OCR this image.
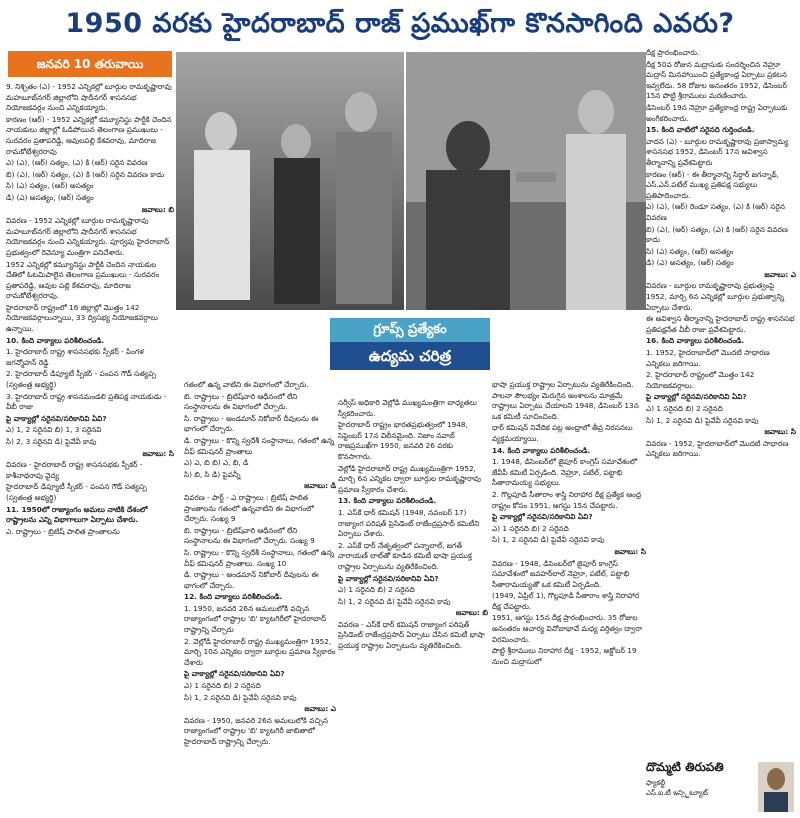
1950 వరకు హైదరాబాద్ రాజ్ ప్రముఖ్‌గా కొనసాగింది ఎవరు?
జనవరి 10 తరువాయి
గ్రూప్స్ ప్రత్యేకం
ఉద్యమ చరిత్ర

9. నిశ్చితం (ఎ) - 1952 ఎన్నికల్లో బూర్గుల రామకృష్ణారావు మహబూబ్‌నగర్ జిల్లాలోని షాదీనగర్ శాసనసభ నియోజకవర్గం నుంచి ఎన్నికయ్యారు.

కారణం (ఆర్) - 1952 ఎన్నికల్లో కమ్యూనిస్టు పార్టీకి చెందిన నాయకులు జిల్లాల్లో ఓడిపోయిన తెలంగాణ ప్రముఖులు - సురవరం ప్రతాపరెడ్డి, ఆవులపల్లి కేశవరావు, మాదిరాజ రామకోటేశ్వరరావు

ఎ) (ఎ), (ఆర్) సత్యం, (ఎ) కి (ఆర్) సరైన వివరణ

బి) (ఎ), (ఆర్) సత్యం, (ఎ) కి (ఆర్) సరైన వివరణ కాదు

సి) (ఎ) సత్యం, (ఆర్) అసత్యం

డి) (ఎ) అసత్యం, (ఆర్) సత్యం

జవాబు: బి

వివరణ - 1952 ఎన్నికల్లో బూర్గుల రామకృష్ణారావు మహబూబ్‌నగర్ జిల్లాలోని షాదీనగర్ శాసనసభ నియోజకవర్గం నుంచి ఎన్నికయ్యారు. పూర్వపు హైదరాబాద్ ప్రభుత్వంలో రెవెన్యూ మంత్రిగా పనిచేశారు.

1952 ఎన్నికల్లో కమ్యూనిస్టు పార్టీకి చెందిన నాయకుల చేతిలో ఓటమిపాలైన తెలంగాణ ప్రముఖులు - సురవరం ప్రతాపరెడ్డి, ఆవుల పల్లి కేశవరావు, మాదిరాజ రామకోటేశ్వరరావు.

హైదరాబాద్ రాష్ట్రంలో 16 జిల్లాల్లో మొత్తం 142 నియోజకవర్గాలున్నాయి, 33 ద్విసభ్య నియోజకవర్గాలు ఉన్నాయి.

10. కింది వాక్యాలు పరిశీలించండి.

1. హైదరాబాద్ రాష్ట్ర శాసనసభకు స్పీకర్ - పింగళ జగన్మోహన్ రెడ్డి

2. హైదరాబాద్ డిప్యూటీ స్పీకర్ - పంపన గౌడ్ సత్యప్ప (స్వతంత్ర అభ్యర్థి)

3. హైదరాబాద్ రాష్ట్ర శాసనమండలి ప్రతిపక్ష నాయకుడు - వీబీ రాజు

పై వాక్యాల్లో సరైనవి/సరికానివి ఏవి?

ఎ) 1, 2 సరైనవి బి) 1, 3 సరైనవి

సి) 2, 3 సరైనవి డి) పైవేవీ కావు

జవాబు: సి

వివరణ - హైదరాబాద్ రాష్ట్ర శాసనసభకు స్పీకర్ - కాశీనాథరావు వైద్య

హైదరాబాద్ డిప్యూటీ స్పీకర్ - పంపన గౌడ్ సత్యప్ప (స్వతంత్ర అభ్యర్థి)

11. 1950లో రాజ్యాంగం అమలు నాటికి దేశంలో రాష్ట్రాలను ఎన్ని విభాగాలుగా ఏర్పాటు చేశారు.

ఎ. రాష్ట్రాలు - బ్రిటిష్ పాలిత ప్రాంతాలను

గతంలో ఉన్న వాటిని ఈ విభాగంలో చేర్చారు.

బి. రాష్ట్రాలు - బ్రిటిష్‌వారి ఆధీనంలో లేని సంస్థానాలను ఈ విభాగంలో చేర్చారు.

సి. రాష్ట్రాలు - అండమాన్ నికోబార్ దీవులను ఈ భాగంలో చేర్చారు.

డి. రాష్ట్రాలు - కొన్ని స్వదేశీ సంస్థానాలు, గతంలో ఉన్న చీఫ్ కమిషనర్ ప్రాంతాలు

ఎ) ఎ, బి బి) ఎ, బి, డి

సి) బి, సి డి) పైవన్నీ

జవాబు: డి

వివరణ - పార్ట్ - ఎ రాష్ట్రాలు : బ్రిటిష్ పాలిత ప్రాంతాలను గతంలో ఉన్నవాటిని ఈ విభాగంలో చేర్చారు. సంఖ్య 9

బి. రాష్ట్రాలు - బ్రిటిష్‌వారి ఆధీనంలో లేని సంస్థానాలను ఈ విభాగంలో చేర్చారు. సంఖ్య 9

సి. రాష్ట్రాలు - కొన్ని స్వదేశీ సంస్థానాలు, గతంలో ఉన్న చీఫ్ కమిషనర్ ప్రాంతాలు. సంఖ్య 10

డి. రాష్ట్రాలు - అండమాన్ నికోబార్ దీవులను ఈ భాగంలో చేర్చారు.

12. కింది వాక్యాలు పరిశీలించండి.

1. 1950, జనవరి 26న అమలులోకి వచ్చిన రాజ్యాంగంలో రాష్ట్రాల 'బి' క్యాటగిరీలో హైదరాబాద్ రాష్ట్రాన్ని చేర్చారు

2. వెల్లోడి హైదరాబాద్ రాష్ట్ర ముఖ్యమంత్రిగా 1952, మార్చి 10న ఎన్నికల ద్వారా బూర్గుల ప్రమాణ స్వీకారం చేశారు

పై వాక్యాల్లో సరైనవి/సరికానివి ఏవి?

ఎ) 1 సరైనది బి) 2 సరైనది

సి) 1, 2 సరైనవి డి) పైవేవీ సరైనవి కావు

జవాబు: ఎ

వివరణ - 1950, జనవరి 26న అమలులోకి వచ్చిన రాజ్యాంగంలో రాష్ట్రాల 'బి' క్యాటగిరీ జాబితాలో హైదరాబాద్ రాష్ట్రాన్ని చేర్చారు.

సర్వీస్ అధికారి వెల్లోడి ముఖ్యమంత్రిగా బాధ్యతలు స్వీకరించారు.

హైదరాబాద్ రాష్ట్రం భారతప్రభుత్వంలో 1948, సెప్టెంబర్ 17న విలీనమైంది. నిజాం నవాబ్ రాజప్రముఖ్‌గా 1950, జనవరి 26 వరకు కొనసాగారు.

వెల్లోడి హైదరాబాద్ రాష్ట్ర ముఖ్యమంత్రిగా 1952, మార్చి 6న ఎన్నికల ద్వారా బూర్గుల రామకృష్ణారావు ప్రమాణ స్వీకారం చేశారు.

13. కింది వాక్యాలు పరిశీలించండి.

1. ఎస్‌కే ధార్ కమిషన్ (1948, నవంబర్ 17) రాజ్యాంగ పరిషత్ ప్రెసిడెంట్ రాజేంద్రప్రసాద్ కమిటీని ఏర్పాటు చేశారు.

2. ఎస్‌కే ధార్ నేతృత్వంలో పన్నాలాల్, జగత్ నారాయణ్ లాల్‌తో కూడిన కమిటీ భాషా ప్రయుక్త రాష్ట్రాల ఏర్పాటును వ్యతిరేకించింది.

పై వాక్యాల్లో సరైనవి/సరికానివి ఏవి?

ఎ) 1 సరైనది బి) 2 సరైనది

సి) 1, 2 సరైనవి డి) పైవేవీ సరైనవి కావు

జవాబు: బి

వివరణ - ఎస్‌కే ధార్ కమిషన్ రాజ్యాంగ పరిషత్ ప్రెసిడెంట్ రాజేంద్రప్రసాద్ ఏర్పాటు చేసిన కమిటీ భాషా ప్రయుక్త రాష్ట్రాల ఏర్పాటును వ్యతిరేకించింది.

భాషా ప్రయుక్త రాష్ట్రాల ఏర్పాటును వ్యతిరేకించింది. పాలనా సౌలభ్యం మెరుగైన అంశాలను మాత్రమే రాష్ట్రాలు ఏర్పాటు చేయాలని 1948, డిసెంబర్ 13న ఒక కమిటీ సూచించింది.

ధార్ కమిషన్ నివేదిక పట్ల అంధ్రాలో తీవ్ర నిరసనలు వ్యక్తమయ్యాయి.

14. కింది వాక్యాలు పరిశీలించండి.

1. 1948, డిసెంబర్‌లో జైపూర్ కాంగ్రెస్ సమావేశంలో జేవీపీ కమిటీ ఏర్పడింది. నెహ్రూ, పటేల్, పట్టాభి సీతారామయ్య సభ్యులు.

2. గొల్లపూడి సీతారాం శాస్త్రి నిరాహార దీక్ష ప్రత్యేక ఆంధ్ర రాష్ట్రం కోసం 1951, ఆగస్టు 15న చేపట్టారు.

పై వాక్యాల్లో సరైనవి/సరికానివి ఏవి?

ఎ) 1 సరైనది బి) 2 సరైనది

సి) 1, 2 సరైనవి డి) పైవేవీ సరైనవి కావు

జవాబు: సి

వివరణ - 1948, డిసెంబర్‌లో జైపూర్ కాంగ్రెస్ సమావేశంలో జవహర్‌లాల్ నెహ్రూ, పటేల్, పట్టాభి సీతారామయ్యతో ఒక కమిటీ ఏర్పడింది.

(1949, ఏప్రిల్ 1), గొల్లపూడి సీతారాం శాస్త్రి నిరాహార దీక్ష చేపట్టారు.

1951, ఆగస్టు 15న దీక్ష ప్రారంభించారు. 35 రోజుల అనంతరం ఆచార్య వినోబాభావే మధ్య వర్తిత్వం ద్వారా విరమించారు.

పొట్టి శ్రీరాములు నిరాహార దీక్ష - 1952, అక్టోబర్ 19 నుంచి మద్రాసులో

దీక్ష ప్రారంభించారు.

దీక్ష 50వ రోజున మద్రాసుకు సందర్శించిన నెహ్రూ మద్రాస్ మినహాయించి ప్రత్యేకాంధ్ర ఏర్పాటు ప్రకటన ఇవ్వలేదు. 58 రోజుల అనంతరం 1952, డిసెంబర్ 15న పొట్టి శ్రీరాములు మరణించారు.

డిసెంబర్ 19న నెహ్రూ ప్రత్యేకాంధ్ర రాష్ట్ర ఏర్పాటుకు అంగీకరించారు.

15. కింది వాటిలో సరైనది గుర్తించండి.

వాదన (ఎ) - బూర్గుల రామకృష్ణారావు ప్రజాస్వామ్య శాసనసభ 1952, డిసెంబర్ 17న అవిశ్వాస తీర్మానాన్ని ప్రవేశపెట్టారు

కారణం (ఆర్) - ఈ తీర్మానాన్ని సిర్దార్ జగన్నాథ్, ఎస్.ఎన్.పటేల్ ముఖ్య ప్రతిపక్ష సభ్యులు ప్రతిపాదించారు.

ఎ) (ఎ), (ఆర్) రెండూ సత్యం, (ఎ) కి (ఆర్) సరైన వివరణ

బి) (ఎ), (ఆర్) సత్యం, (ఎ) కి (ఆర్) సరైన వివరణ కాదు

సి) (ఎ) సత్యం, (ఆర్) అసత్యం

డి) (ఎ) అసత్యం, (ఆర్) సత్యం

జవాబు: ఎ

వివరణ - బూర్గుల రామకృష్ణారావు ప్రభుత్వంపై 1952, మార్చి 6న ఎన్నికల్లో బూర్గుల ప్రభుత్వాన్ని ఏర్పాటు చేశారు.

ఈ అవిశ్వాస తీర్మానాన్ని హైదరాబాద్ రాష్ట్ర శాసనసభ ప్రతిపక్షనేత వీబీ రాజు ప్రవేశపెట్టారు.

16. కింది వాక్యాలు పరిశీలించండి.

1. 1952, హైదరాబాద్‌లో మొదటి సాధారణ ఎన్నికలు జరిగాయి.

2. హైదరాబాద్ రాష్ట్రంలో మొత్తం 142 నియోజకవర్గాలు.

పై వాక్యాల్లో సరైనవి/సరికానివి ఏవి?

ఎ) 1 సరైనది బి) 2 సరైనది

సి) 1, 2 సరైనవి డి) పైవేవీ సరైనవి కావు

జవాబు: సి

వివరణ - 1952, హైదరాబాద్‌లో మొదటి సాధారణ ఎన్నికలు జరిగాయి.

దొమ్మటి తిరుపతి
ఫ్యాకల్టీ
ఎస్.ఐ.టీ ఇన్స్టిట్యూట్
